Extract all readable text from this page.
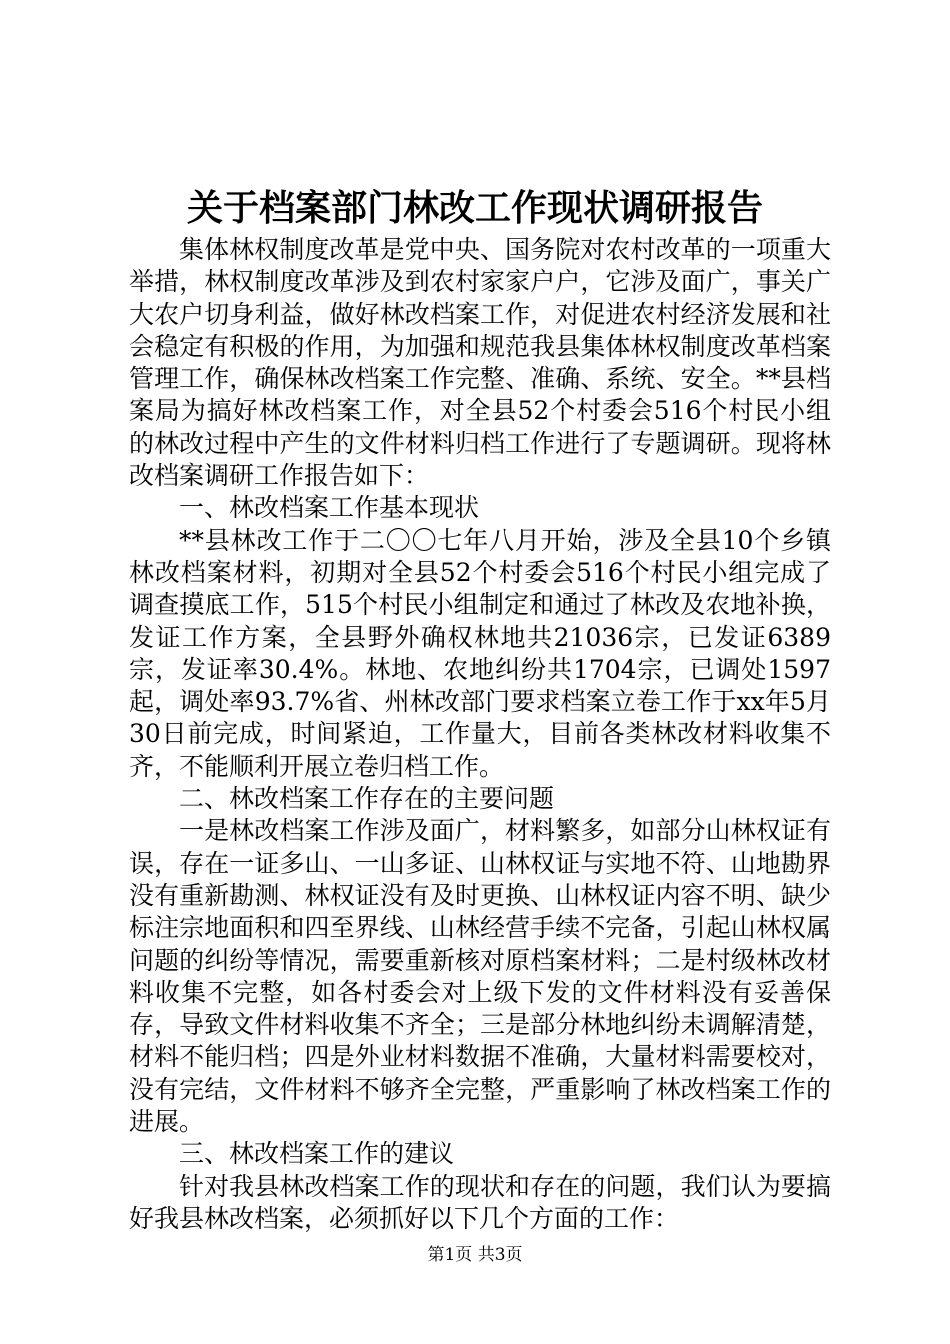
关于档案部门林改工作现状调研报告

集体林权制度改革是党中央、国务院对农村改革的一项重大举措，林权制度改革涉及到农村家家户户，它涉及面广，事关广大农户切身利益，做好林改档案工作，对促进农村经济发展和社会稳定有积极的作用，为加强和规范我县集体林权制度改革档案管理工作，确保林改档案工作完整、准确、系统、安全。**县档案局为搞好林改档案工作，对全县52个村委会516个村民小组的林改过程中产生的文件材料归档工作进行了专题调研。现将林改档案调研工作报告如下：

一、林改档案工作基本现状

**县林改工作于二〇〇七年八月开始，涉及全县10个乡镇林改档案材料，初期对全县52个村委会516个村民小组完成了调查摸底工作，515个村民小组制定和通过了林改及农地补换，发证工作方案，全县野外确权林地共21036宗，已发证6389宗，发证率30.4%。林地、农地纠纷共1704宗，已调处1597起，调处率93.7%省、州林改部门要求档案立卷工作于xx年5月30日前完成，时间紧迫，工作量大，目前各类林改材料收集不齐，不能顺利开展立卷归档工作。

二、林改档案工作存在的主要问题

一是林改档案工作涉及面广，材料繁多，如部分山林权证有误，存在一证多山、一山多证、山林权证与实地不符、山地勘界没有重新勘测、林权证没有及时更换、山林权证内容不明、缺少标注宗地面积和四至界线、山林经营手续不完备，引起山林权属问题的纠纷等情况，需要重新核对原档案材料；二是村级林改材料收集不完整，如各村委会对上级下发的文件材料没有妥善保存，导致文件材料收集不齐全；三是部分林地纠纷未调解清楚，材料不能归档；四是外业材料数据不准确，大量材料需要校对，没有完结，文件材料不够齐全完整，严重影响了林改档案工作的进展。

三、林改档案工作的建议

针对我县林改档案工作的现状和存在的问题，我们认为要搞好我县林改档案，必须抓好以下几个方面的工作：

第1页 共3页
